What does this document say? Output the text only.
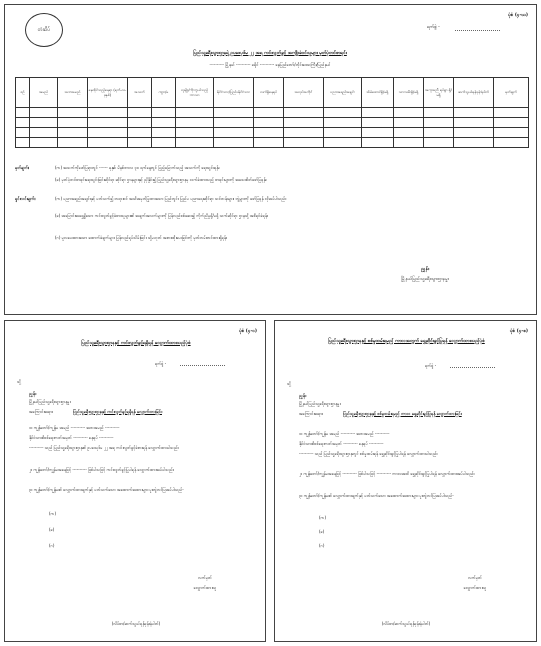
တံဆိပ်
ပုံစံ (၄-ဃ)
ရက်စွဲ -
ပြည်သူ့ခရီးသွားဌာနရဲ့ ဥပဒေပုဒ်မ ၂၂ အရ ကင်းလွတ်ခွင့် အကျိုးခံဝင်သူများ မှတ်ပုံတင်စာရင်း
---------- မြို့နယ် ---------- ခရိုင် ---------- နေပြည်တော်/တိုင်းဒေသကြီး/ပြည်နယ်
စဉ်	အမည်	အဘအမည်	နေထိုင်သည့်နေရာ (ရက်-လ-ခုနှစ်)	အသက်	ကျား/မ	လူမျိုး/ကိုးကွယ်သည့်ဘာသာ	နိုင်ငံသား/ပြည်ပနိုင်ငံသား	လက်ရှိနေရပ်	အလုပ်အကိုင်	ပညာအရည်အချင်း	အိမ်ထောင်ရှိ/မရှိ	သားသမီးရှိ/မရှိ	အကူအညီ ရပ်ရွာ ရှိ/မရှိ	ဆက်သွယ်ရန်ဖုန်းနံပါတ်	မှတ်ချက်

မှတ်ချက်။	(က) အသက်ကိုဖော်ပြရာတွင် ------ ခုနှစ်၊ မိနစ်ဘာလ ၃၀ ရက်နေ့တွင် ပြည့်မြောက်သည့် အသက်ကို ရေးသွင်းရန်။
(ခ) မှတ်ပုံတင်စာရင်းရေးသွင်းခြင်းဆိုင်ရာ ဆိုင်ရာ ဌာနများနှင့် ညှိနှိုင်း၍ ပြည်သူ့ခရီးသွားဌာနမှ လက်ခံထားသည့် စာရင်းများကို အသေးစိတ်ဖော်ပြရန်။
ရှင်းလင်းချက်။	(က) ပညာအရည်အချင်းနှင့် ပတ်သက်၍ တရားဝင် အသိအမှတ်ပြုထားသော ပြည်တွင်း ပြည်ပ ပညာရေးဆိုင်ရာ သင်တန်းများ၊ ဘွဲ့များကို ဖော်ပြရန် လိုအပ်ပါသည်။
(ခ) အပြောင်းအရွှေ့ရှိသော ကင်းလွတ်ခွင့်ခံစားသူများ၏ အချက်အလက်များကို ပြန်လည်စစ်ဆေး၍ ကိုက်ညီမှုရှိ/မရှိ သက်ဆိုင်ရာ ဌာနသို့ အစီရင်ခံရန်။
(ဂ) မူလပေးထားသော ထောက်ခံချက်များ ပြန်လည်ရုပ်သိမ်းခြင်း သို့မဟုတ် အစားထိုးပေးခြင်းကို မှတ်တမ်းတင်ထားရှိရန်။
ညွှန်း
မြို့နယ်ပြည်သူ့ခရီးသွားဌာနမှူး
ပုံစံ (၄-င)
ပြည်သူ့ခရီးသွားဌာနနှင့် ကင်းလွတ်ခွင့်ရရှိရန် လျှောက်ထားသည့်ပုံစံ
ရက်စွဲ -
သို့
ညွှန်း
မြို့နယ်ပြည်သူ့ခရီးသွားဌာနမှူး
အကြောင်းအရာ။	ပြည်သူ့ခရီးသွားဌာနနှင့် ကင်းလွတ်ခွင့်ရရှိရန် လျှောက်ထားခြင်း
၁။ ကျွန်တော်/ကျွန်မ အမည် ---------- အဘအမည် ----------
နိုင်ငံသားစိစစ်ရေးကတ်အမှတ် ---------- နေရပ် ----------
---------- သည် ပြည်သူ့ခရီးသွားဌာန၏ ဥပဒေပုဒ်မ ၂၂ အရ ကင်းလွတ်ခွင့်ခံစားရန် လျှောက်ထားပါသည်။
၂။ ကျွန်တော်/ကျွန်မအနေဖြင့် ---------- ဖြစ်ပါသဖြင့် ကင်းလွတ်ခွင့်ပြုပါရန် လျှောက်ထားအပ်ပါသည်။
၃။ ကျွန်တော်/ကျွန်မ၏ လျှောက်ထားချက်နှင့် ပတ်သက်သော အထောက်အထားများ ပူးတွဲတင်ပြအပ်ပါသည်-
(က)
(ခ)
(ဂ)
လက်မှတ်
လျှောက်ထားသူ
(လိပ်စာ/ဆက်သွယ်ရန်ဖုန်းနံပါတ်)
ပုံစံ (၄-စ)
ပြည်သူ့ခရီးသွားဌာနနှင့် စစ်မှုထမ်းရမည့် ကာလအတွက် ရွှေ့ဆိုင်းခွင့်ပြုရန် လျှောက်ထားသည့်ပုံစံ
ရက်စွဲ -
သို့
ညွှန်း
မြို့နယ်ပြည်သူ့ခရီးသွားဌာနမှူး
အကြောင်းအရာ။	ပြည်သူ့ခရီးသွားဌာနနှင့် စစ်မှုထမ်းရမည့် ကာလ ရွှေ့ဆိုင်းခွင့်ပြုရန် လျှောက်ထားခြင်း
၁။ ကျွန်တော်/ကျွန်မ အမည် ---------- အဘအမည် ----------
နိုင်ငံသားစိစစ်ရေးကတ်အမှတ် ---------- နေရပ် ----------
---------- သည် ပြည်သူ့ခရီးသွားဌာနတွင် စစ်မှုထမ်းရန် ရွှေ့ဆိုင်းခွင့်ပြုပါရန် လျှောက်ထားပါသည်။
၂။ ကျွန်တော်/ကျွန်မအနေဖြင့် ---------- ဖြစ်ပါသဖြင့် ---------- ကာလအထိ ရွှေ့ဆိုင်းခွင့်ပြုပါရန် လျှောက်ထားအပ်ပါသည်။
၃။ ကျွန်တော်/ကျွန်မ၏ လျှောက်ထားချက်နှင့် ပတ်သက်သော အထောက်အထားများ ပူးတွဲတင်ပြအပ်ပါသည်-
(က)
(ခ)
(ဂ)
လက်မှတ်
လျှောက်ထားသူ
(လိပ်စာ/ဆက်သွယ်ရန်ဖုန်းနံပါတ်)
